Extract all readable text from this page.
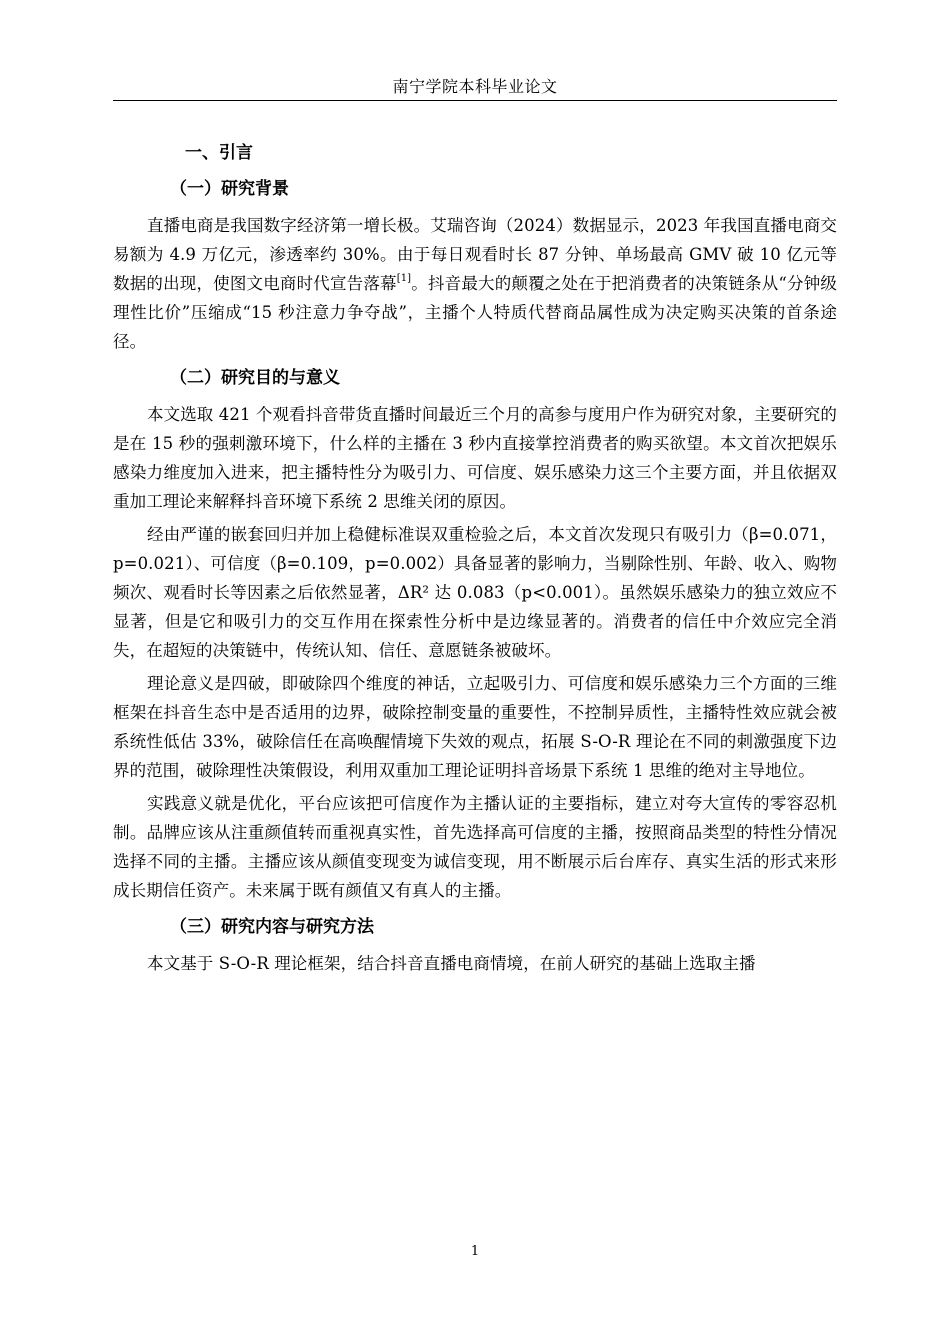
南宁学院本科毕业论文
一、引言
（一）研究背景

直播电商是我国数字经济第一增长极。艾瑞咨询（2024）数据显示，2023 年我国直播电商交易额为 4.9 万亿元，渗透率约 30%。由于每日观看时长 87 分钟、单场最高 GMV 破 10 亿元等数据的出现，使图文电商时代宣告落幕[1]。抖音最大的颠覆之处在于把消费者的决策链条从“分钟级理性比价”压缩成“15 秒注意力争夺战”，主播个人特质代替商品属性成为决定购买决策的首条途径。

（二）研究目的与意义

本文选取 421 个观看抖音带货直播时间最近三个月的高参与度用户作为研究对象，主要研究的是在 15 秒的强刺激环境下，什么样的主播在 3 秒内直接掌控消费者的购买欲望。本文首次把娱乐感染力维度加入进来，把主播特性分为吸引力、可信度、娱乐感染力这三个主要方面，并且依据双重加工理论来解释抖音环境下系统 2 思维关闭的原因。

经由严谨的嵌套回归并加上稳健标准误双重检验之后，本文首次发现只有吸引力（β=0.071，p=0.021）、可信度（β=0.109，p=0.002）具备显著的影响力，当剔除性别、年龄、收入、购物频次、观看时长等因素之后依然显著，ΔR² 达 0.083（p<0.001）。虽然娱乐感染力的独立效应不显著，但是它和吸引力的交互作用在探索性分析中是边缘显著的。消费者的信任中介效应完全消失，在超短的决策链中，传统认知、信任、意愿链条被破坏。

理论意义是四破，即破除四个维度的神话，立起吸引力、可信度和娱乐感染力三个方面的三维框架在抖音生态中是否适用的边界，破除控制变量的重要性，不控制异质性，主播特性效应就会被系统性低估 33%，破除信任在高唤醒情境下失效的观点，拓展 S-O-R 理论在不同的刺激强度下边界的范围，破除理性决策假设，利用双重加工理论证明抖音场景下系统 1 思维的绝对主导地位。

实践意义就是优化，平台应该把可信度作为主播认证的主要指标，建立对夸大宣传的零容忍机制。品牌应该从注重颜值转而重视真实性，首先选择高可信度的主播，按照商品类型的特性分情况选择不同的主播。主播应该从颜值变现变为诚信变现，用不断展示后台库存、真实生活的形式来形成长期信任资产。未来属于既有颜值又有真人的主播。

（三）研究内容与研究方法

本文基于 S-O-R 理论框架，结合抖音直播电商情境，在前人研究的基础上选取主播

1
